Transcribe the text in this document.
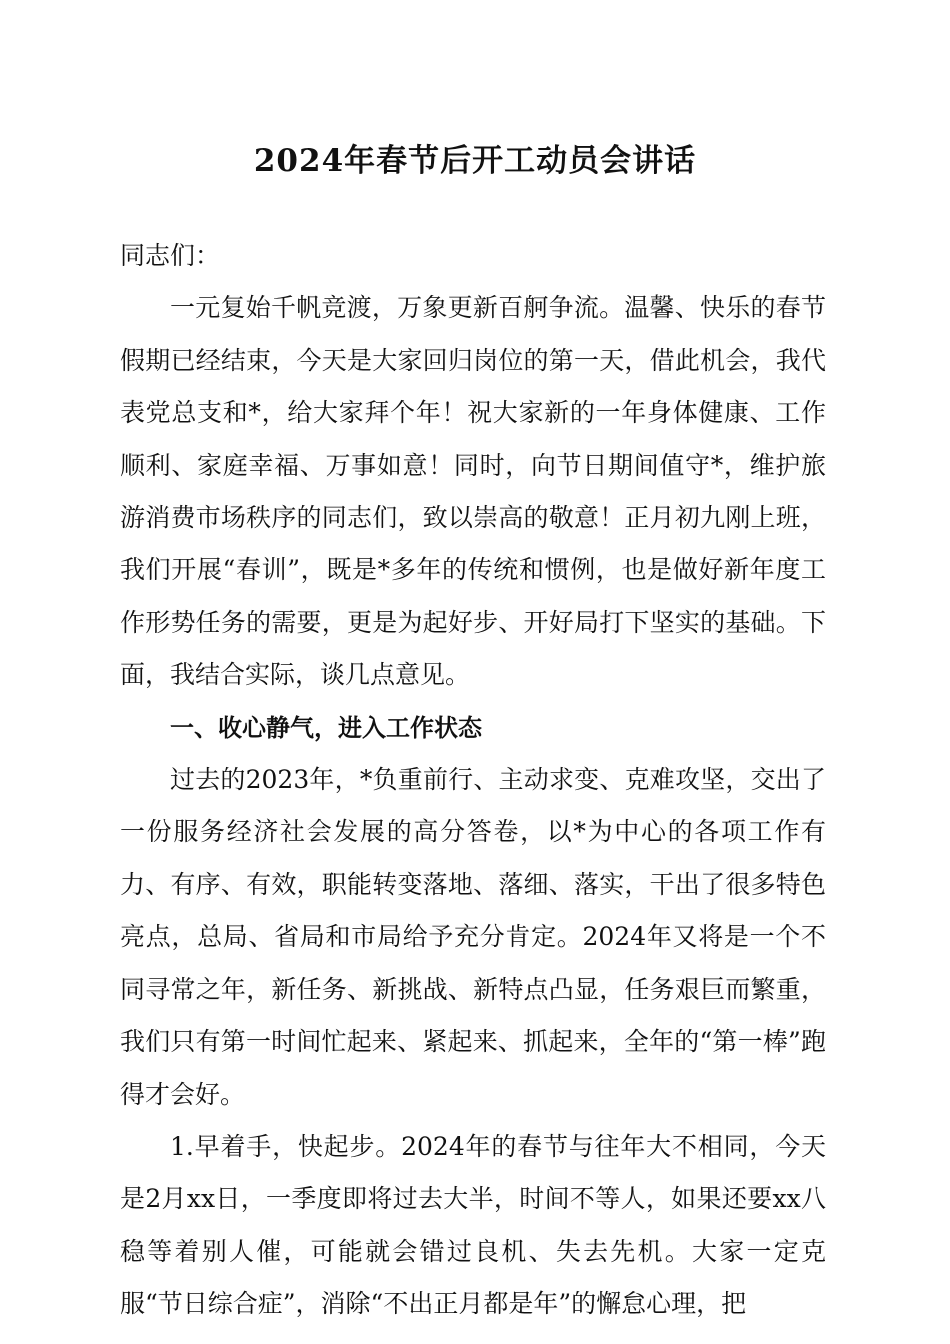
2024年春节后开工动员会讲话

同志们：

一元复始千帆竞渡，万象更新百舸争流。温馨、快乐的春节假期已经结束，今天是大家回归岗位的第一天，借此机会，我代表党总支和*，给大家拜个年！祝大家新的一年身体健康、工作顺利、家庭幸福、万事如意！同时，向节日期间值守*，维护旅游消费市场秩序的同志们，致以崇高的敬意！正月初九刚上班，我们开展“春训”，既是*多年的传统和惯例，也是做好新年度工作形势任务的需要，更是为起好步、开好局打下坚实的基础。下面，我结合实际，谈几点意见。

一、收心静气，进入工作状态

过去的2023年，*负重前行、主动求变、克难攻坚，交出了一份服务经济社会发展的高分答卷，以*为中心的各项工作有力、有序、有效，职能转变落地、落细、落实，干出了很多特色亮点，总局、省局和市局给予充分肯定。2024年又将是一个不同寻常之年，新任务、新挑战、新特点凸显，任务艰巨而繁重，我们只有第一时间忙起来、紧起来、抓起来，全年的“第一棒”跑得才会好。

1.早着手，快起步。2024年的春节与往年大不相同，今天是2月xx日，一季度即将过去大半，时间不等人，如果还要xx八稳等着别人催，可能就会错过良机、失去先机。大家一定克服“节日综合症”，消除“不出正月都是年”的懈怠心理，把
